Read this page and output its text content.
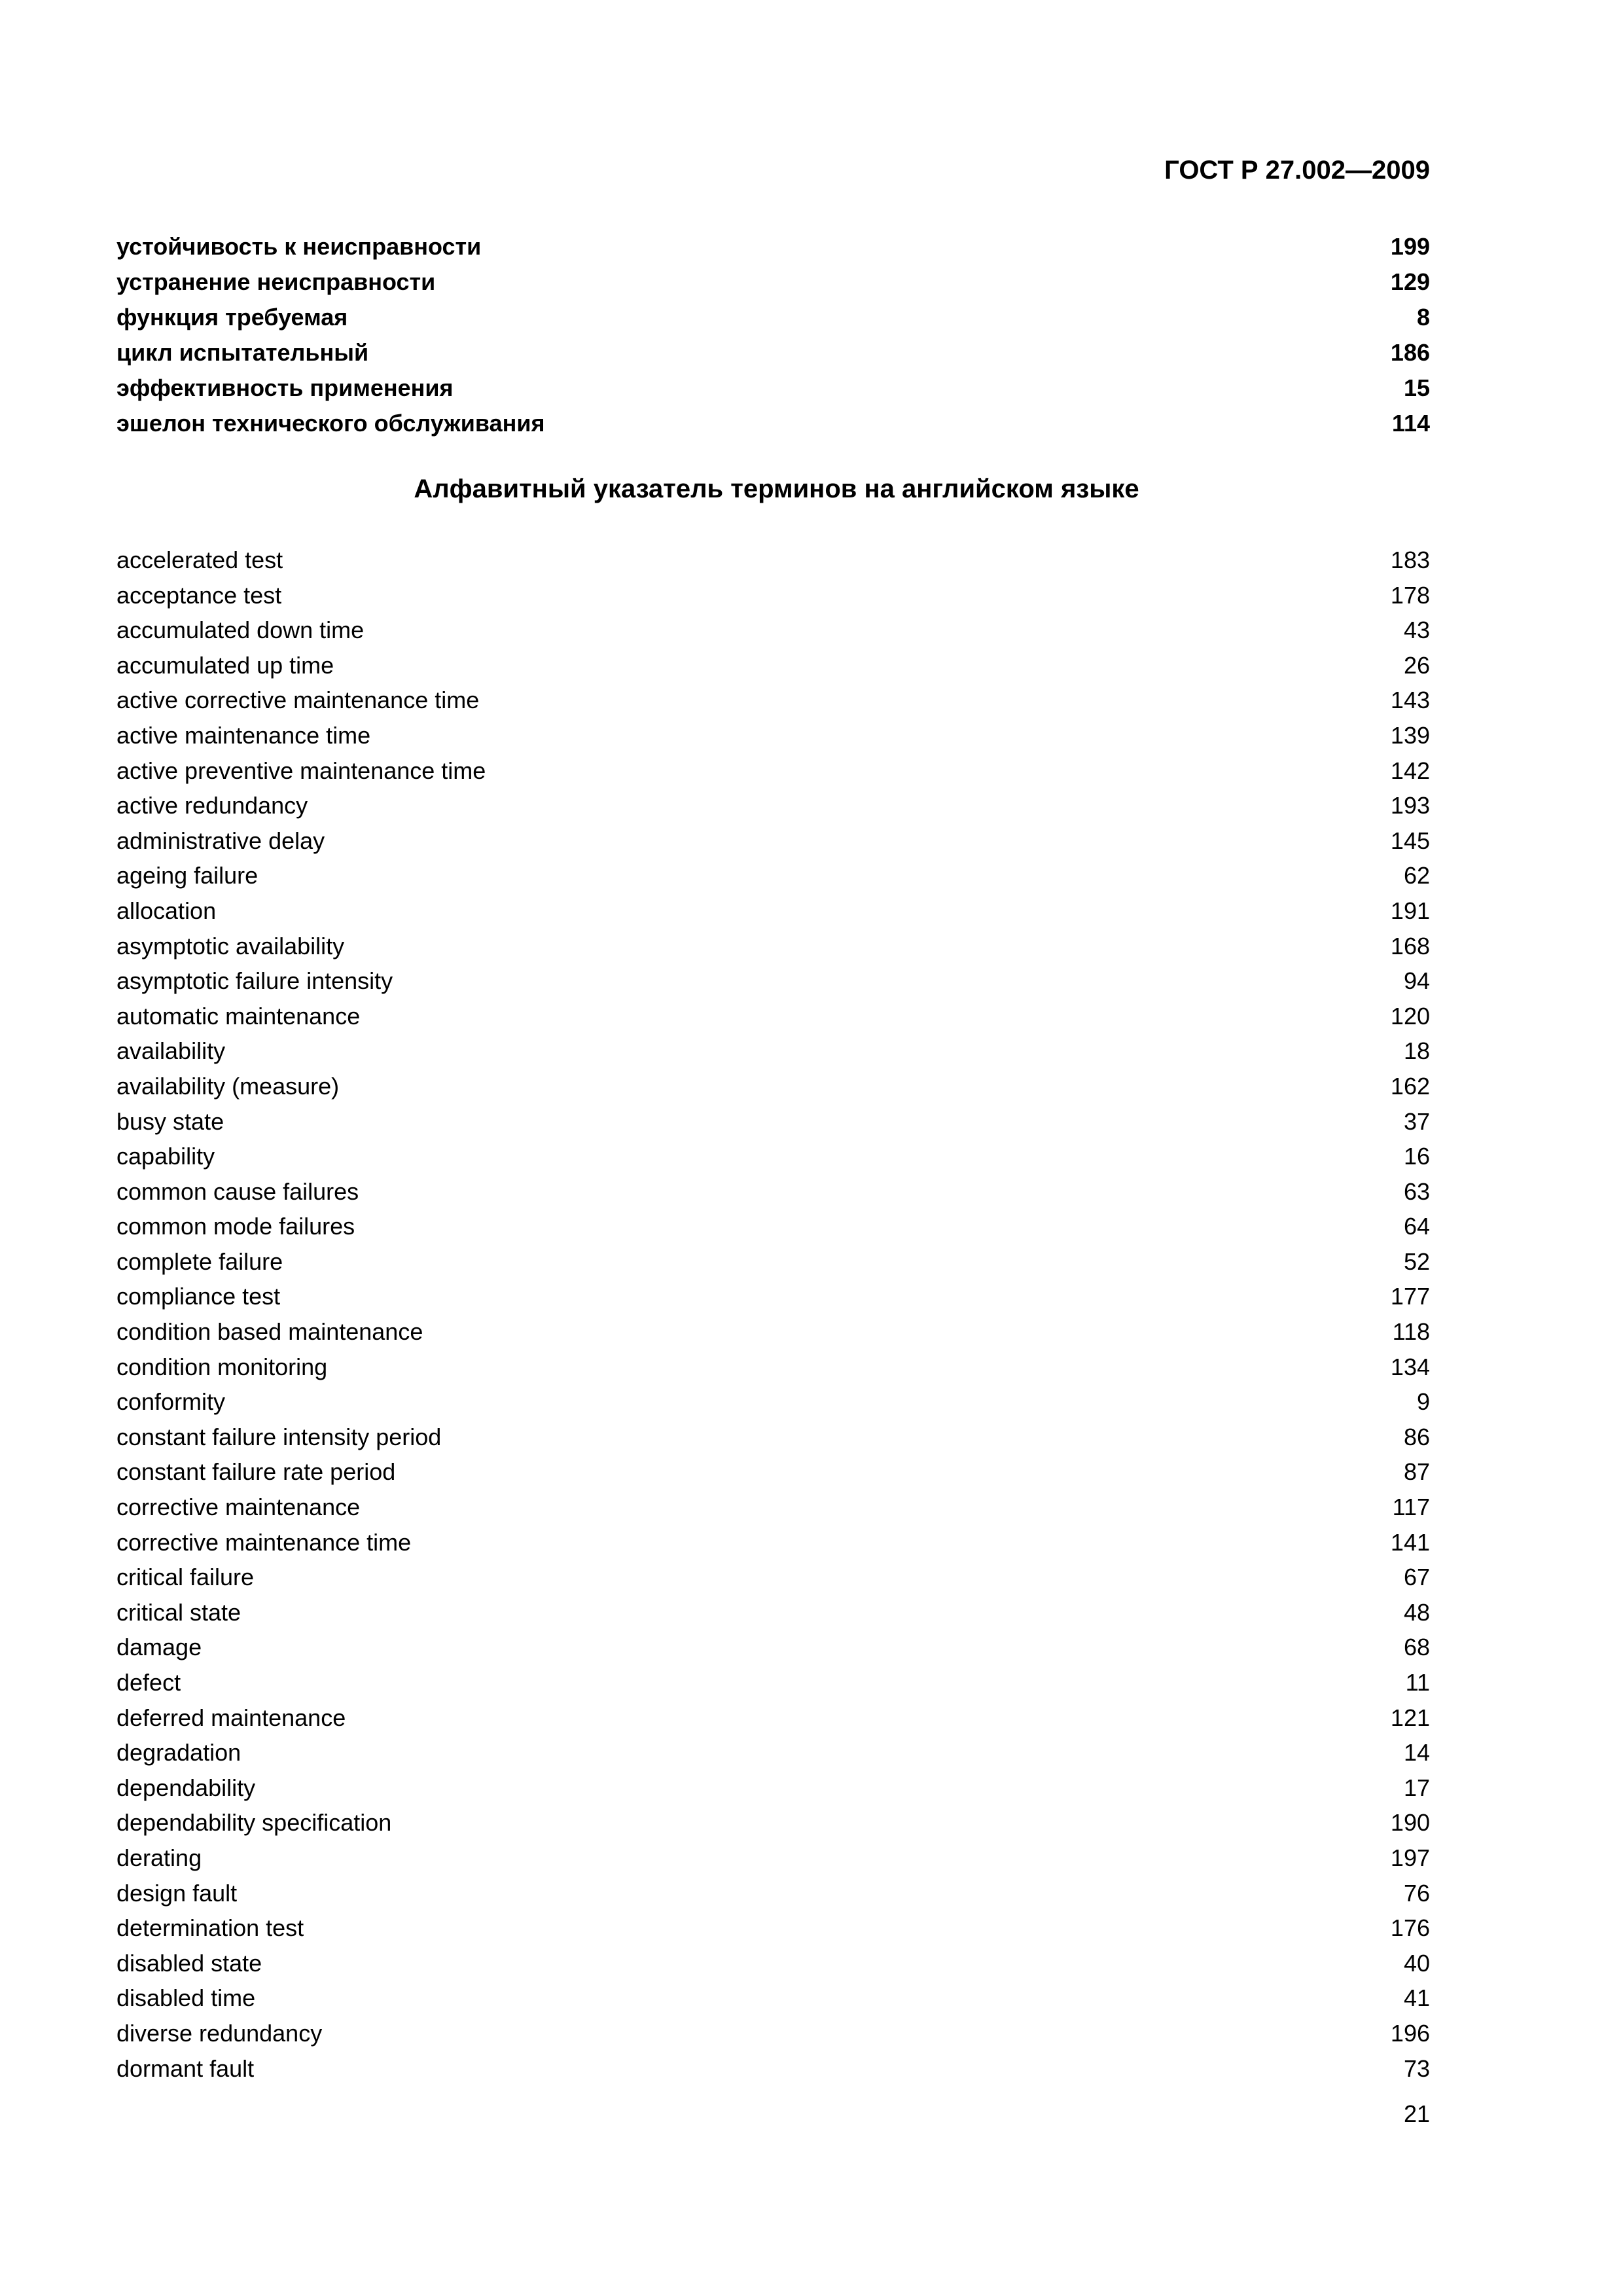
ГОСТ Р 27.002—2009
устойчивость к неисправности	199
устранение неисправности	129
функция требуемая	8
цикл испытательный	186
эффективность применения	15
эшелон технического обслуживания	114
Алфавитный указатель терминов на английском языке
accelerated test	183
acceptance test	178
accumulated down time	43
accumulated up time	26
active corrective maintenance time	143
active maintenance time	139
active preventive maintenance time	142
active redundancy	193
administrative delay	145
ageing failure	62
allocation	191
asymptotic availability	168
asymptotic failure intensity	94
automatic maintenance	120
availability	18
availability (measure)	162
busy state	37
capability	16
common cause failures	63
common mode failures	64
complete failure	52
compliance test	177
condition based maintenance	118
condition monitoring	134
conformity	9
constant failure intensity period	86
constant failure rate period	87
corrective maintenance	117
corrective maintenance time	141
critical failure	67
critical state	48
damage	68
defect	11
deferred maintenance	121
degradation	14
dependability	17
dependability specification	190
derating	197
design fault	76
determination test	176
disabled state	40
disabled time	41
diverse redundancy	196
dormant fault	73
21
